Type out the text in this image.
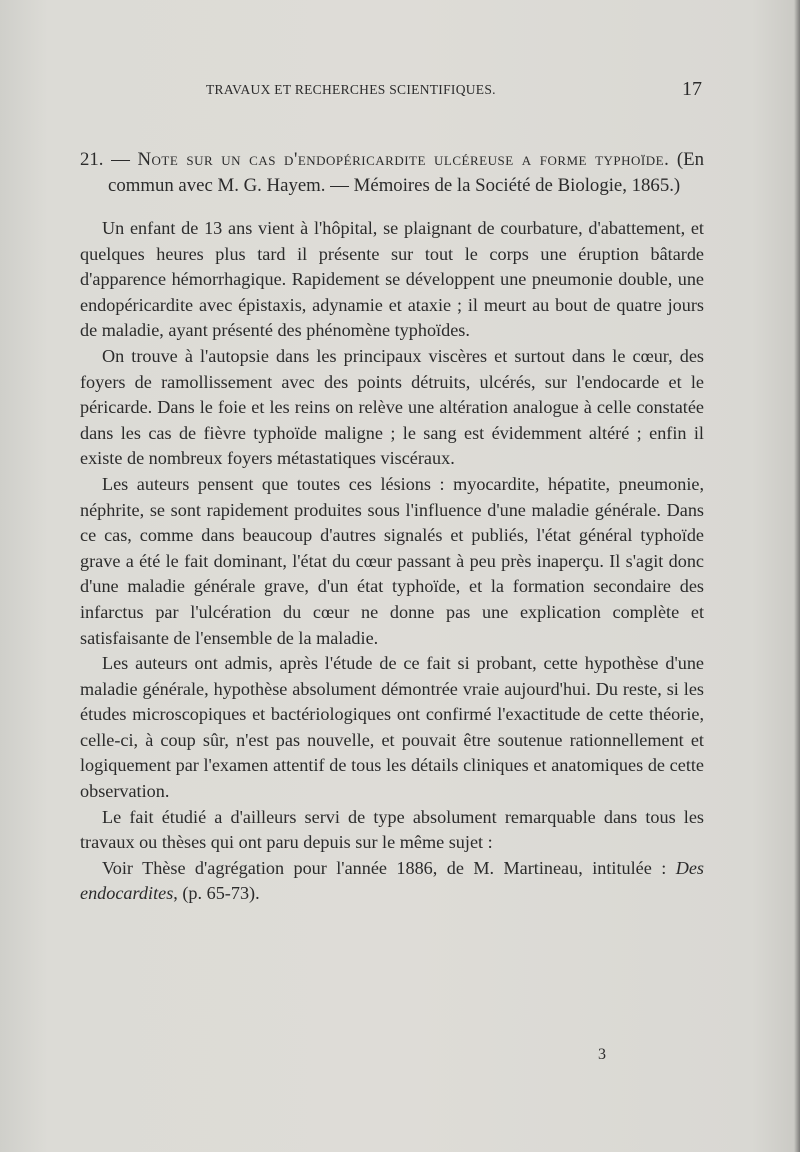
TRAVAUX ET RECHERCHES SCIENTIFIQUES.	17

21. — Note sur un cas d'endopéricardite ulcéreuse a forme typhoïde. (En commun avec M. G. Hayem. — Mémoires de la Société de Biologie, 1865.)

Un enfant de 13 ans vient à l'hôpital, se plaignant de courbature, d'abattement, et quelques heures plus tard il présente sur tout le corps une éruption bâtarde d'apparence hémorrhagique. Rapidement se développent une pneumonie double, une endopéricardite avec épistaxis, adynamie et ataxie ; il meurt au bout de quatre jours de maladie, ayant présenté des phénomène typhoïdes.

On trouve à l'autopsie dans les principaux viscères et surtout dans le cœur, des foyers de ramollissement avec des points détruits, ulcérés, sur l'endocarde et le péricarde. Dans le foie et les reins on relève une altération analogue à celle constatée dans les cas de fièvre typhoïde maligne ; le sang est évidemment altéré ; enfin il existe de nombreux foyers métastatiques viscéraux.

Les auteurs pensent que toutes ces lésions : myocardite, hépatite, pneumonie, néphrite, se sont rapidement produites sous l'influence d'une maladie générale. Dans ce cas, comme dans beaucoup d'autres signalés et publiés, l'état général typhoïde grave a été le fait dominant, l'état du cœur passant à peu près inaperçu. Il s'agit donc d'une maladie générale grave, d'un état typhoïde, et la formation secondaire des infarctus par l'ulcération du cœur ne donne pas une explication complète et satisfaisante de l'ensemble de la maladie.

Les auteurs ont admis, après l'étude de ce fait si probant, cette hypothèse d'une maladie générale, hypothèse absolument démontrée vraie aujourd'hui. Du reste, si les études microscopiques et bactériologiques ont confirmé l'exactitude de cette théorie, celle-ci, à coup sûr, n'est pas nouvelle, et pouvait être soutenue rationnellement et logiquement par l'examen attentif de tous les détails cliniques et anatomiques de cette observation.

Le fait étudié a d'ailleurs servi de type absolument remarquable dans tous les travaux ou thèses qui ont paru depuis sur le même sujet :

Voir Thèse d'agrégation pour l'année 1886, de M. Martineau, intitulée : Des endocardites, (p. 65-73).

3
